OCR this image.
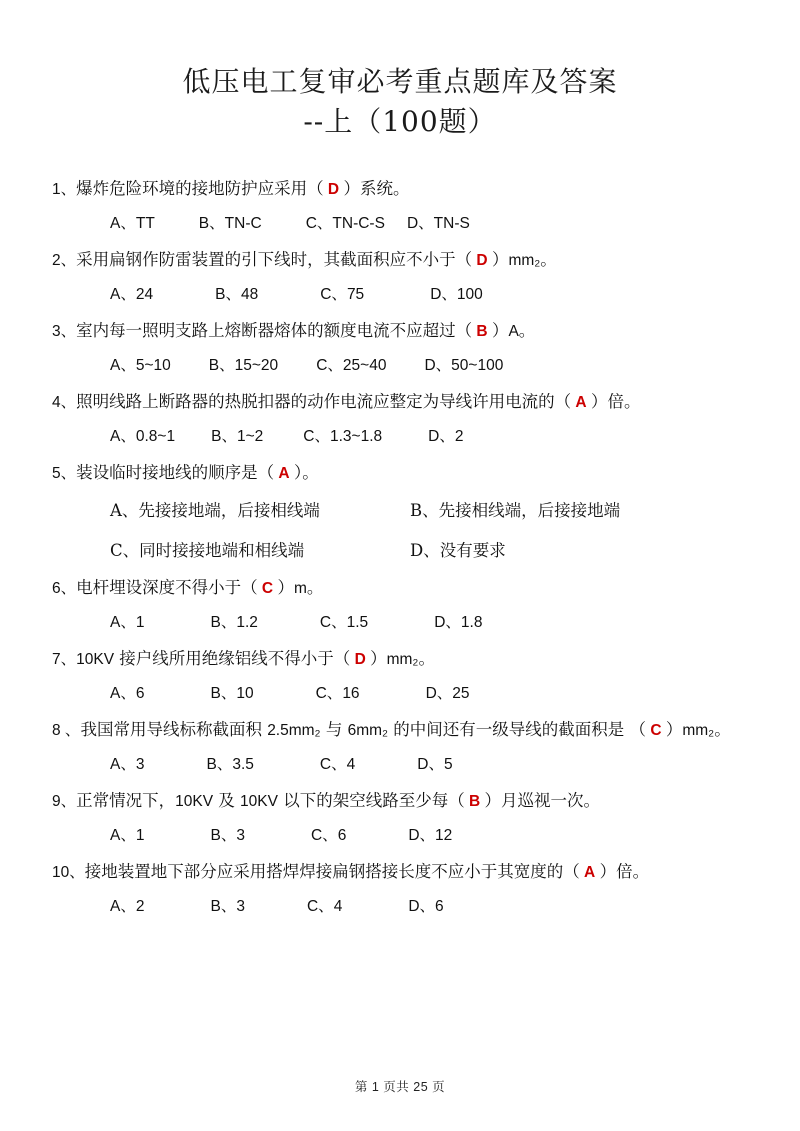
低压电工复审必考重点题库及答案
--上（100题）
1、爆炸危险环境的接地防护应采用（ D ）系统。
A、TT	B、TN-C	C、TN-C-S D、TN-S
2、采用扁钢作防雷装置的引下线时，其截面积应不小于（ D ）mm₂。
A、24	B、48	C、75	D、100
3、室内每一照明支路上熔断器熔体的额度电流不应超过（ B ）A。
A、5~10 B、15~20 C、25~40 D、50~100
4、照明线路上断路器的热脱扣器的动作电流应整定为导线许用电流的（ A ）倍。
A、0.8~1 B、1~2	C、1.3~1.8	D、2
5、装设临时接地线的顺序是（ A ）。
A、先接接地端，后接相线端	B、先接相线端，后接接地端
C、同时接接地端和相线端	D、没有要求
6、电杆埋设深度不得小于（ C ）m。
A、1	B、1.2	C、1.5	D、1.8
7、10KV 接户线所用绝缘铝线不得小于（ D ）mm₂。
A、6	B、10	C、16	D、25
8 、我国常用导线标称截面积 2.5mm₂ 与 6mm₂ 的中间还有一级导线的截面积是 （ C ）mm₂。
A、3	B、3.5	C、4	D、5
9、正常情况下，10KV 及 10KV 以下的架空线路至少每（ B ）月巡视一次。
A、1	B、3	C、6	D、12
10、接地装置地下部分应采用搭焊焊接扁钢搭接长度不应小于其宽度的（ A ）倍。
A、2	B、3	C、4	D、6
第 1 页共 25 页
